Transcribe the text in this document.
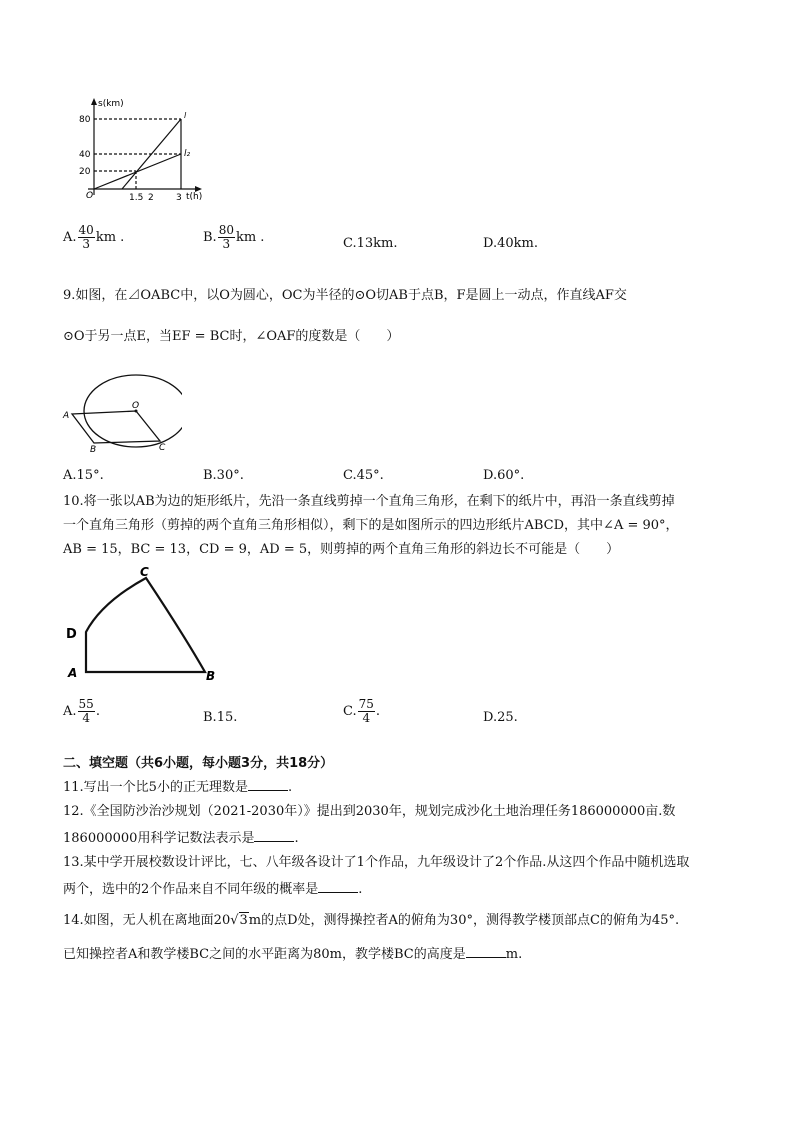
s(km)
t(h)
80
40
20
O	1.5 2 3
l
l₂
A. $\frac{40}{3}$ km .	B. $\frac{80}{3}$ km .	C.13km.	D.40km.
9.如图，在⊿OABC中，以O为圆心，OC为半径的⊙O切AB于点B，F是圆上一动点，作直线AF交
⊙O于另一点E，当EF = BC时，∠OAF的度数是（　　）
A
O
B	C
A.15°.	B.30°.	C.45°.	D.60°.
10.将一张以AB为边的矩形纸片，先沿一条直线剪掉一个直角三角形，在剩下的纸片中，再沿一条直线剪掉
一个直角三角形（剪掉的两个直角三角形相似），剩下的是如图所示的四边形纸片ABCD，其中∠A = 90°，
AB = 15，BC = 13，CD = 9，AD = 5，则剪掉的两个直角三角形的斜边长不可能是（　　）
C
D
A	B
A. $\frac{55}{4}$ .	B.15.	C. $\frac{75}{4}$ .	D.25.
二、填空题（共6小题，每小题3分，共18分）
11.写出一个比5小的正无理数是	.
12.《全国防沙治沙规划（2021-2030年）》提出到2030年，规划完成沙化土地治理任务186000000亩.数
186000000用科学记数法表示是	.
13.某中学开展校数设计评比，七、八年级各设计了1个作品，九年级设计了2个作品.从这四个作品中随机选取
两个，选中的2个作品来自不同年级的概率是	.
14.如图，无人机在离地面20√3m的点D处，测得操控者A的俯角为30°，测得教学楼顶部点C的俯角为45°.
已知操控者A和教学楼BC之间的水平距离为80m，教学楼BC的高度是	m.
